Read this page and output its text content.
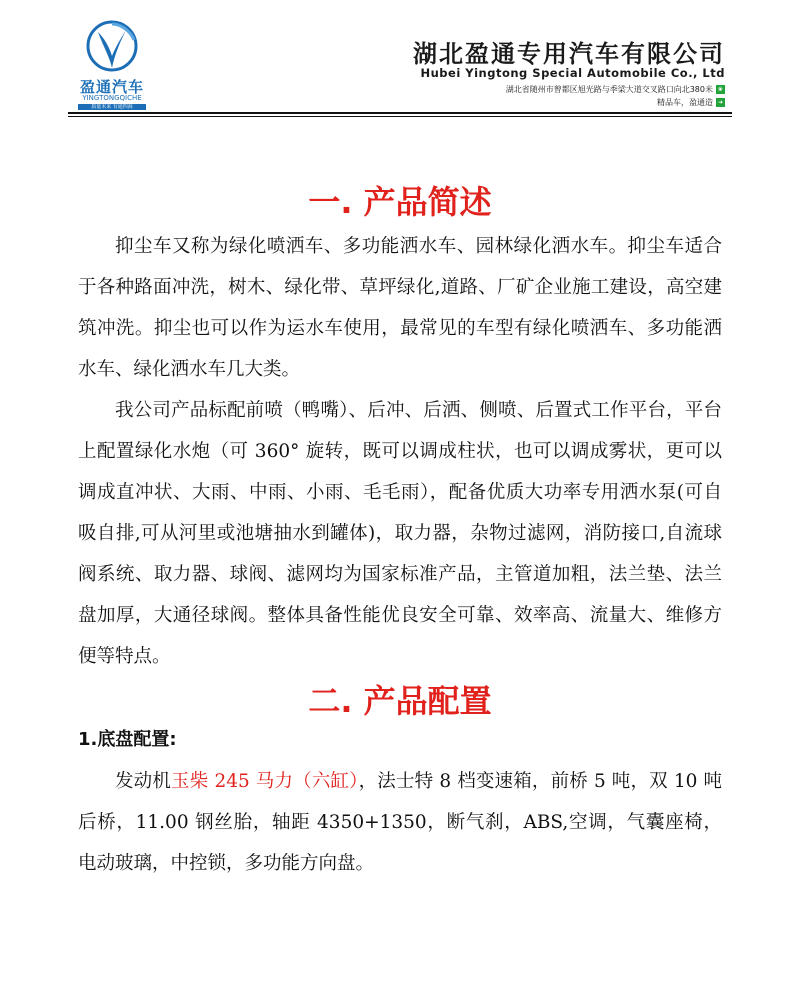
盈通汽车
YINGTONGQICHE
质量未来 有通四海
湖北盈通专用汽车有限公司
Hubei Yingtong Special Automobile Co., Ltd
湖北省随州市曾都区旭光路与季梁大道交叉路口向北380米 ❀
精品车，盈通造 ➜
一. 产品简述

抑尘车又称为绿化喷洒车、多功能洒水车、园林绿化洒水车。抑尘车适合于各种路面冲洗，树木、绿化带、草坪绿化,道路、厂矿企业施工建设，高空建筑冲洗。抑尘也可以作为运水车使用，最常见的车型有绿化喷洒车、多功能洒水车、绿化洒水车几大类。

我公司产品标配前喷（鸭嘴）、后冲、后洒、侧喷、后置式工作平台，平台上配置绿化水炮（可 360° 旋转，既可以调成柱状，也可以调成雾状，更可以调成直冲状、大雨、中雨、小雨、毛毛雨），配备优质大功率专用洒水泵(可自吸自排,可从河里或池塘抽水到罐体)，取力器，杂物过滤网，消防接口,自流球阀系统、取力器、球阀、滤网均为国家标准产品，主管道加粗，法兰垫、法兰盘加厚，大通径球阀。整体具备性能优良安全可靠、效率高、流量大、维修方便等特点。

二. 产品配置
1.底盘配置:

发动机玉柴 245 马力（六缸），法士特 8 档变速箱，前桥 5 吨，双 10 吨后桥，11.00 钢丝胎，轴距 4350+1350，断气刹，ABS,空调，气囊座椅，电动玻璃，中控锁，多功能方向盘。
